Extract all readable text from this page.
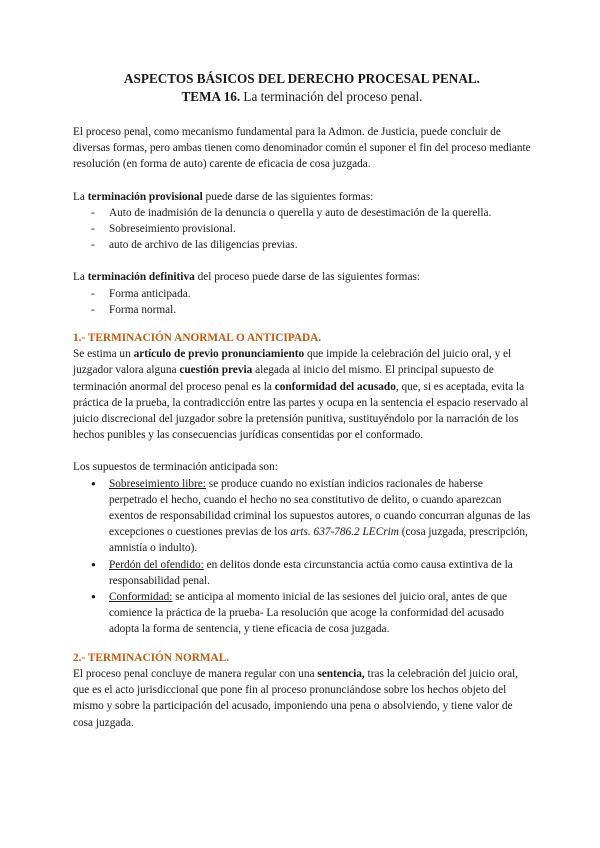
ASPECTOS BÁSICOS DEL DERECHO PROCESAL PENAL.

TEMA 16. La terminación del proceso penal.

El proceso penal, como mecanismo fundamental para la Admon. de Justicia, puede concluir de diversas formas, pero ambas tienen como denominador común el suponer el fin del proceso mediante resolución (en forma de auto) carente de eficacia de cosa juzgada.

La terminación provisional puede darse de las siguientes formas:

- Auto de inadmisión de la denuncia o querella y auto de desestimación de la querella.
- Sobreseimiento provisional.
- auto de archivo de las diligencias previas.

La terminación definitiva del proceso puede darse de las siguientes formas:

- Forma anticipada.
- Forma normal.

1.- TERMINACIÓN ANORMAL O ANTICIPADA.

Se estima un artículo de previo pronunciamiento que impide la celebración del juicio oral, y el juzgador valora alguna cuestión previa alegada al inicio del mismo. El principal supuesto de terminación anormal del proceso penal es la conformidad del acusado, que, si es aceptada, evita la práctica de la prueba, la contradicción entre las partes y ocupa en la sentencia el espacio reservado al juicio discrecional del juzgador sobre la pretensión punitiva, sustituyéndolo por la narración de los hechos punibles y las consecuencias jurídicas consentidas por el conformado.

Los supuestos de terminación anticipada son:

● Sobreseimiento libre: se produce cuando no existían indicios racionales de haberse perpetrado el hecho, cuando el hecho no sea constitutivo de delito, o cuando aparezcan exentos de responsabilidad criminal los supuestos autores, o cuando concurran algunas de las excepciones o cuestiones previas de los arts. 637-786.2 LECrim (cosa juzgada, prescripción, amnistía o indulto).
● Perdón del ofendido: en delitos donde esta circunstancia actúa como causa extintiva de la responsabilidad penal.
● Conformidad: se anticipa al momento inicial de las sesiones del juicio oral, antes de que comience la práctica de la prueba- La resolución que acoge la conformidad del acusado adopta la forma de sentencia, y tiene eficacia de cosa juzgada.

2.- TERMINACIÓN NORMAL.

El proceso penal concluye de manera regular con una sentencia, tras la celebración del juicio oral, que es el acto jurisdiccional que pone fin al proceso pronunciándose sobre los hechos objeto del mismo y sobre la participación del acusado, imponiendo una pena o absolviendo, y tiene valor de cosa juzgada.
